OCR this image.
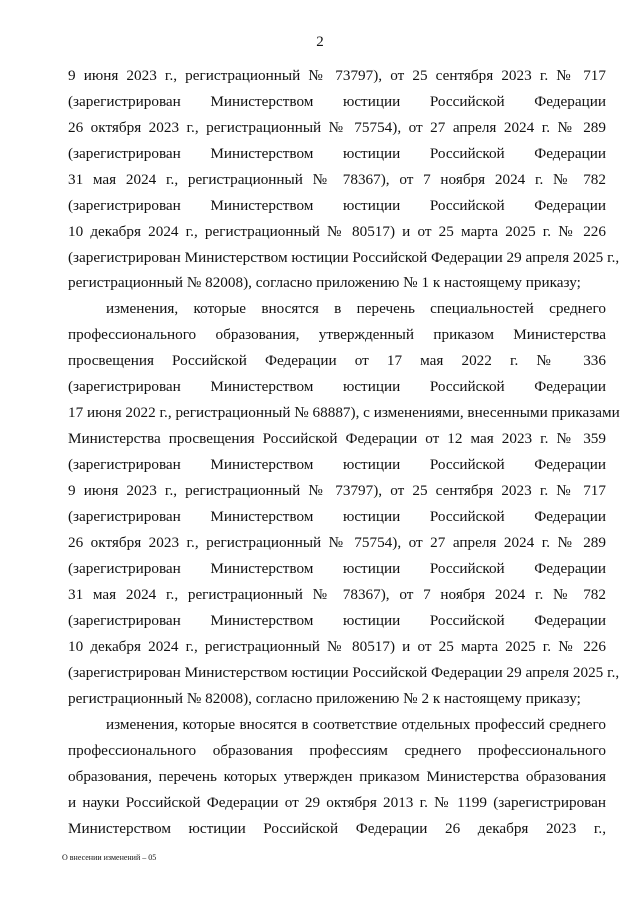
2
9 июня 2023 г., регистрационный № 73797), от 25 сентября 2023 г. № 717
(зарегистрирован Министерством юстиции Российской Федерации
26 октября 2023 г., регистрационный № 75754), от 27 апреля 2024 г. № 289
(зарегистрирован Министерством юстиции Российской Федерации
31 мая 2024 г., регистрационный № 78367), от 7 ноября 2024 г. № 782
(зарегистрирован Министерством юстиции Российской Федерации
10 декабря 2024 г., регистрационный № 80517) и от 25 марта 2025 г. № 226
(зарегистрирован Министерством юстиции Российской Федерации 29 апреля 2025 г.,
регистрационный № 82008), согласно приложению № 1 к настоящему приказу;
изменения, которые вносятся в перечень специальностей среднего
профессионального образования, утвержденный приказом Министерства
просвещения Российской Федерации от 17 мая 2022 г. № 336
(зарегистрирован Министерством юстиции Российской Федерации
17 июня 2022 г., регистрационный № 68887), с изменениями, внесенными приказами
Министерства просвещения Российской Федерации от 12 мая 2023 г. № 359
(зарегистрирован Министерством юстиции Российской Федерации
9 июня 2023 г., регистрационный № 73797), от 25 сентября 2023 г. № 717
(зарегистрирован Министерством юстиции Российской Федерации
26 октября 2023 г., регистрационный № 75754), от 27 апреля 2024 г. № 289
(зарегистрирован Министерством юстиции Российской Федерации
31 мая 2024 г., регистрационный № 78367), от 7 ноября 2024 г. № 782
(зарегистрирован Министерством юстиции Российской Федерации
10 декабря 2024 г., регистрационный № 80517) и от 25 марта 2025 г. № 226
(зарегистрирован Министерством юстиции Российской Федерации 29 апреля 2025 г.,
регистрационный № 82008), согласно приложению № 2 к настоящему приказу;
изменения, которые вносятся в соответствие отдельных профессий среднего
профессионального образования профессиям среднего профессионального
образования, перечень которых утвержден приказом Министерства образования
и науки Российской Федерации от 29 октября 2013 г. № 1199 (зарегистрирован
Министерством юстиции Российской Федерации 26 декабря 2023 г.,
О внесении изменений – 05
